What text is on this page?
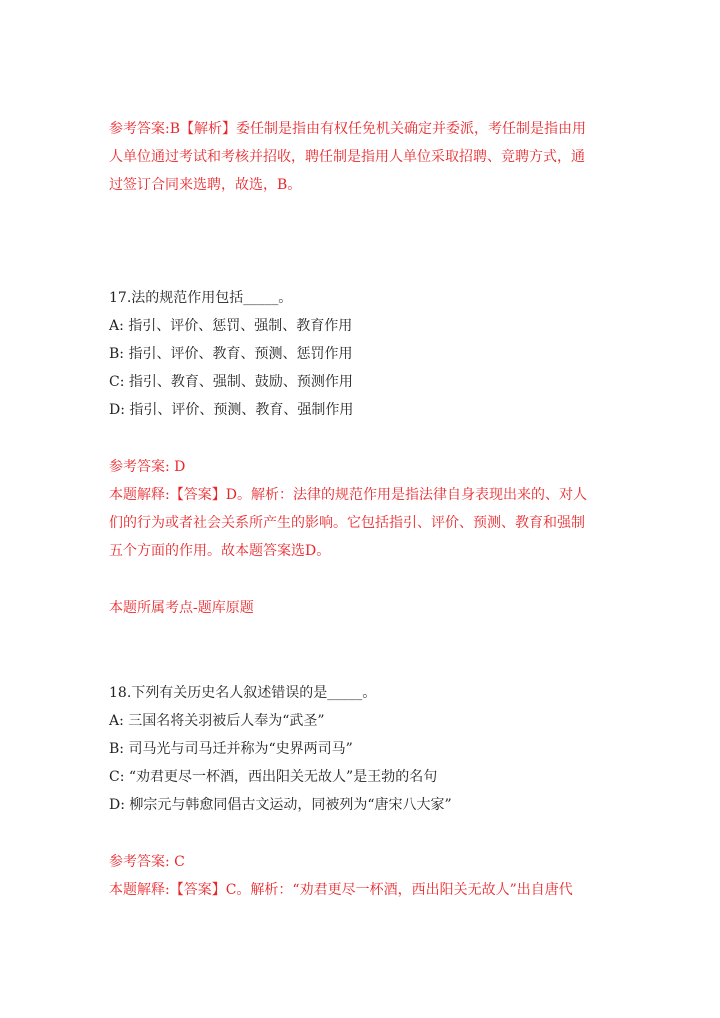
参考答案:B【解析】委任制是指由有权任免机关确定并委派，考任制是指由用
人单位通过考试和考核并招收，聘任制是指用人单位采取招聘、竞聘方式，通
过签订合同来选聘，故选，B。
17.法的规范作用包括_____。
A: 指引、评价、惩罚、强制、教育作用
B: 指引、评价、教育、预测、惩罚作用
C: 指引、教育、强制、鼓励、预测作用
D: 指引、评价、预测、教育、强制作用
参考答案: D
本题解释:【答案】D。解析：法律的规范作用是指法律自身表现出来的、对人
们的行为或者社会关系所产生的影响。它包括指引、评价、预测、教育和强制
五个方面的作用。故本题答案选D。
本题所属考点-题库原题
18.下列有关历史名人叙述错误的是_____。
A: 三国名将关羽被后人奉为“武圣”
B: 司马光与司马迁并称为“史界两司马”
C: “劝君更尽一杯酒，西出阳关无故人”是王勃的名句
D: 柳宗元与韩愈同倡古文运动，同被列为“唐宋八大家”
参考答案: C
本题解释:【答案】C。解析：“劝君更尽一杯酒，西出阳关无故人”出自唐代
